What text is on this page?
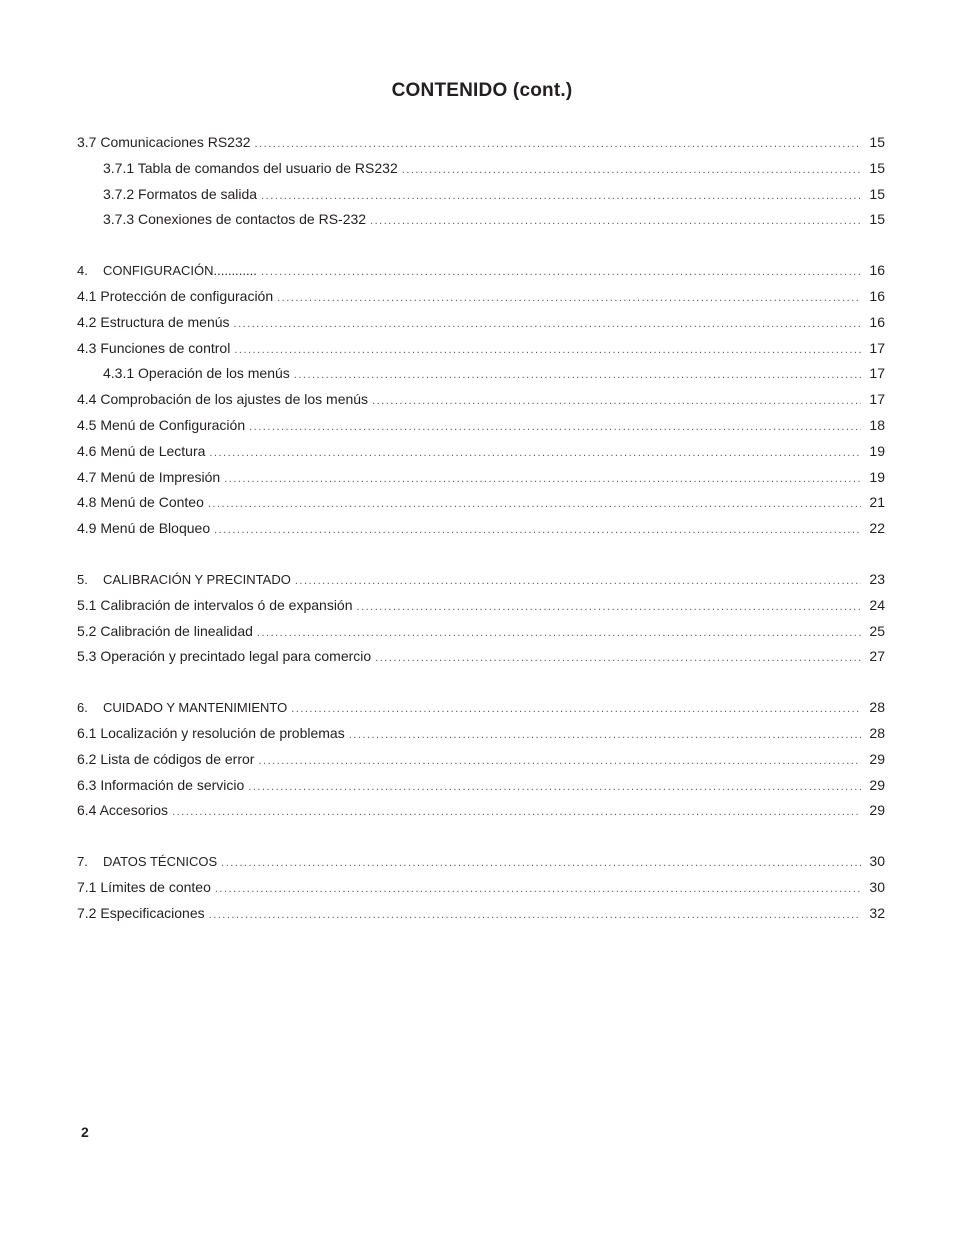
CONTENIDO (cont.)
3.7 Comunicaciones RS232 .....	15
3.7.1 Tabla de comandos del usuario de RS232 .....	15
3.7.2 Formatos de salida .....	15
3.7.3 Conexiones de contactos de RS-232 .....	15
4. CONFIGURACIÓN............ .....	16
4.1 Protección de configuración .....	16
4.2 Estructura de menús .....	16
4.3 Funciones de control .....	17
4.3.1 Operación de los menús .....	17
4.4 Comprobación de los ajustes de los menús .....	17
4.5 Menú de Configuración .....	18
4.6 Menú de Lectura .....	19
4.7 Menú de Impresión .....	19
4.8 Menú de Conteo .....	21
4.9 Menú de Bloqueo .....	22
5. CALIBRACIÓN Y PRECINTADO .....	23
5.1 Calibración de intervalos ó de expansión .....	24
5.2 Calibración de linealidad .....	25
5.3 Operación y precintado legal para comercio .....	27
6. CUIDADO Y MANTENIMIENTO .....	28
6.1 Localización y resolución de problemas .....	28
6.2 Lista de códigos de error .....	29
6.3 Información de servicio .....	29
6.4 Accesorios .....	29
7. DATOS TÉCNICOS .....	30
7.1 Límites de conteo .....	30
7.2 Especificaciones .....	32
2
